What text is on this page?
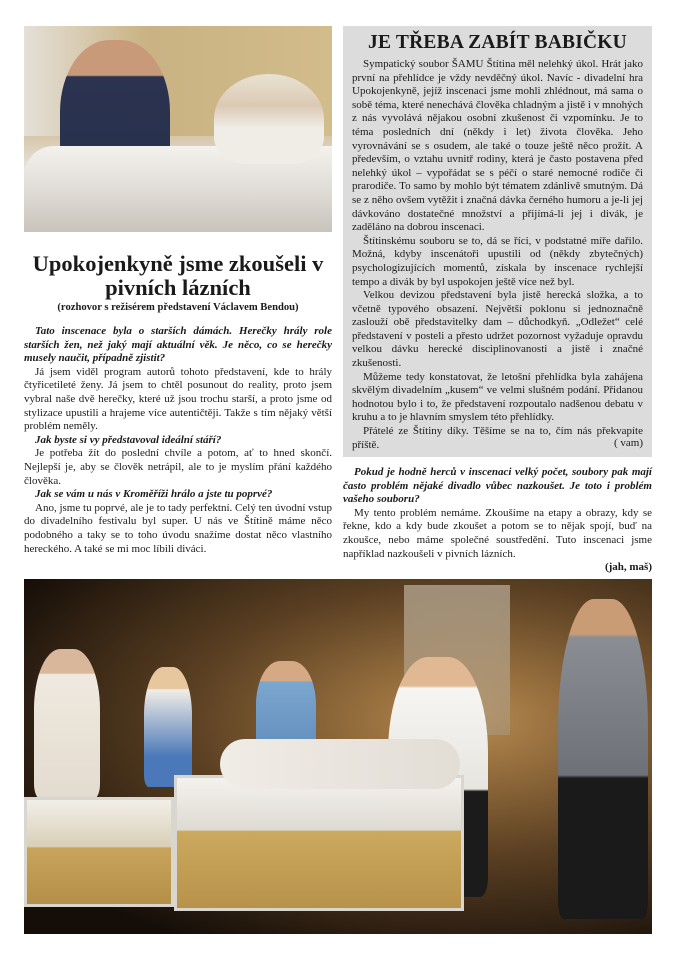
Upokojenkyně jsme zkoušeli v pivních lázních
(rozhovor s režisérem představení Václavem Bendou)

Tato inscenace byla o starších dámách. Herečky hrály role starších žen, než jaký mají aktuální věk. Je něco, co se herečky musely naučit, případně zjistit?

Já jsem viděl program autorů tohoto představení, kde to hrály čtyřicetileté ženy. Já jsem to chtěl posunout do reality, proto jsem vybral naše dvě herečky, které už jsou trochu starší, a proto jsme od stylizace upustili a hrajeme více autentičtěji. Takže s tím nějaký větší problém neměly.

Jak byste si vy představoval ideální stáří?

Je potřeba žít do poslední chvíle a potom, ať to hned skončí. Nejlepší je, aby se člověk netrápil, ale to je myslím přání každého člověka.

Jak se vám u nás v Kroměříži hrálo a jste tu poprvé?

Ano, jsme tu poprvé, ale je to tady perfektní. Celý ten úvodní vstup do divadelního festivalu byl super. U nás ve Štítině máme něco podobného a taky se to toho úvodu snažíme dostat něco vlastního hereckého. A také se mi moc líbili diváci.

JE TŘEBA ZABÍT BABIČKU

Sympatický soubor ŠAMU Štítina měl nelehký úkol. Hrát jako první na přehlídce je vždy nevděčný úkol. Navíc - divadelní hra Upokojenkyně, jejíž inscenaci jsme mohli zhlédnout, má sama o sobě téma, které nenechává člověka chladným a jistě i v mnohých z nás vyvolává nějakou osobní zkušenost či vzpomínku. Je to téma posledních dní (někdy i let) života člověka. Jeho vyrovnávání se s osudem, ale také o touze ještě něco prožít. A především, o vztahu uvnitř rodiny, která je často postavena před nelehký úkol – vypořádat se s péčí o staré nemocné rodiče či prarodiče. To samo by mohlo být tématem zdánlivě smutným. Dá se z něho ovšem vytěžit i značná dávka černého humoru a je-li jej dávkováno dostatečné množství a přijímá-li jej i divák, je zaděláno na dobrou inscenaci.

Štítinskému souboru se to, dá se říci, v podstatné míře dařilo. Možná, kdyby inscenátoři upustili od (někdy zbytečných) psychologizujících momentů, získala by inscenace rychlejší tempo a divák by byl uspokojen ještě více než byl.

Velkou devizou představení byla jistě herecká složka, a to včetně typového obsazení. Největší poklonu si jednoznačně zaslouží obě představitelky dam – důchodkyň. „Odležet“ celé představení v posteli a přesto udržet pozornost vyžaduje opravdu velkou dávku herecké disciplinovanosti a jistě i značné zkušenosti.

Můžeme tedy konstatovat, že letošní přehlídka byla zahájena skvělým divadelním „kusem“ ve velmi slušném podání. Přidanou hodnotou bylo i to, že představení rozpoutalo nadšenou debatu v kruhu a to je hlavním smyslem této přehlídky.

Přátelé ze Štítiny díky. Těšíme se na to, čím nás překvapíte příště.	( vam)

Pokud je hodně herců v inscenaci velký počet, soubory pak mají často problém nějaké divadlo vůbec nazkoušet. Je toto i problém vašeho souboru?

My tento problém nemáme. Zkoušíme na etapy a obrazy, kdy se řekne, kdo a kdy bude zkoušet a potom se to nějak spojí, buď na zkoušce, nebo máme společné soustředění. Tuto inscenaci jsme například nazkoušeli v pivních lázních.

(jah, maš)
